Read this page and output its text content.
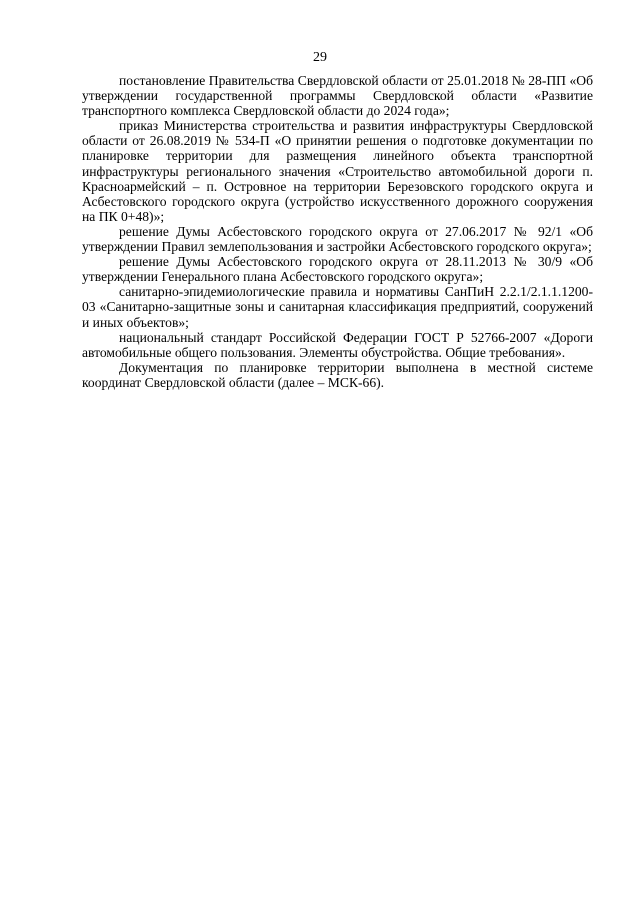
29

постановление Правительства Свердловской области от 25.01.2018 № 28-ПП «Об утверждении государственной программы Свердловской области «Развитие транспортного комплекса Свердловской области до 2024 года»;

приказ Министерства строительства и развития инфраструктуры Свердловской области от 26.08.2019 № 534-П «О принятии решения о подготовке документации по планировке территории для размещения линейного объекта транспортной инфраструктуры регионального значения «Строительство автомобильной дороги п. Красноармейский – п. Островное на территории Березовского городского округа и Асбестовского городского округа (устройство искусственного дорожного сооружения на ПК 0+48)»;

решение Думы Асбестовского городского округа от 27.06.2017 № 92/1 «Об утверждении Правил землепользования и застройки Асбестовского городского округа»;

решение Думы Асбестовского городского округа от 28.11.2013 № 30/9 «Об утверждении Генерального плана Асбестовского городского округа»;

санитарно-эпидемиологические правила и нормативы СанПиН 2.2.1/2.1.1.1200-03 «Санитарно-защитные зоны и санитарная классификация предприятий, сооружений и иных объектов»;

национальный стандарт Российской Федерации ГОСТ Р 52766-2007 «Дороги автомобильные общего пользования. Элементы обустройства. Общие требования».

Документация по планировке территории выполнена в местной системе координат Свердловской области (далее – МСК-66).
